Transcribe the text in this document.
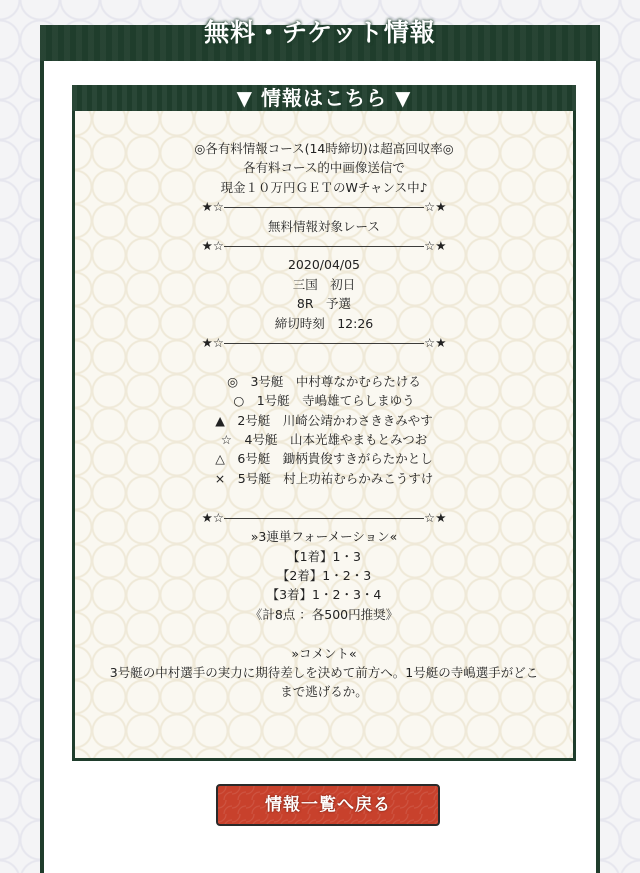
無料・チケット情報
▼ 情報はこちら ▼
◎各有料情報コース(14時締切)は超高回収率◎
各有料コース的中画像送信で
現金１０万円ＧＥＴのWチャンス中♪
★☆――――――――――――――――☆★
無料情報対象レース
★☆――――――――――――――――☆★
2020/04/05
三国　初日
8R　予選
締切時刻　12:26
★☆――――――――――――――――☆★
◎　3号艇　中村尊なかむらたける
○　1号艇　寺嶋雄てらしまゆう
▲　2号艇　川崎公靖かわさききみやす
☆　4号艇　山本光雄やまもとみつお
△　6号艇　鋤柄貴俊すきがらたかとし
×　5号艇　村上功祐むらかみこうすけ
★☆――――――――――――――――☆★
»3連単フォーメーション«
【1着】1・3
【2着】1・2・3
【3着】1・2・3・4
《計8点 ：各500円推奨》
»コメント«
3号艇の中村選手の実力に期待差しを決めて前方へ。1号艇の寺嶋選手がどこまで逃げるか。
情報一覧へ戻る
